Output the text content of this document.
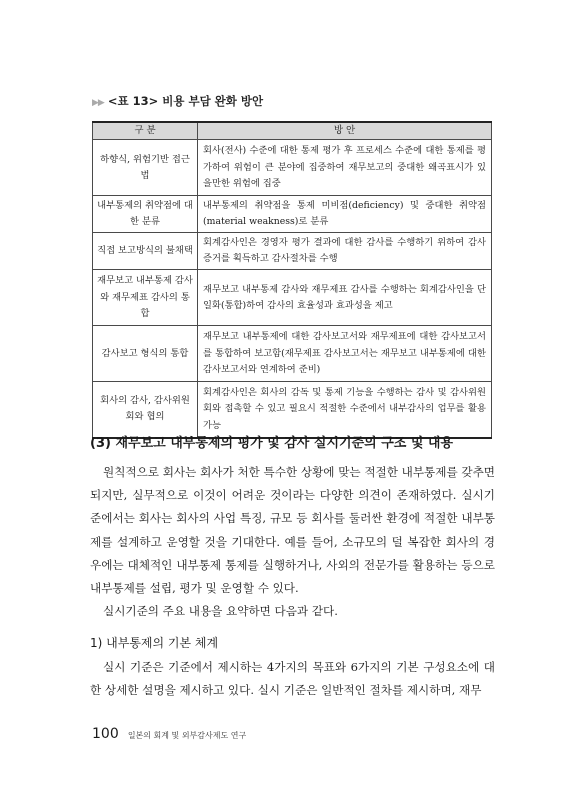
▶▶ <표 13> 비용 부담 완화 방안
구 분	방 안
하향식, 위험기반 접근법	회사(전사) 수준에 대한 통제 평가 후 프로세스 수준에 대한 통제를 평가하여 위험이 큰 분야에 집중하여 재무보고의 중대한 왜곡표시가 있을만한 위험에 집중
내부통제의 취약점에 대한 분류	내부통제의 취약점을 통제 미비점(deficiency) 및 중대한 취약점(material weakness)로 분류
직접 보고방식의 불채택	회계감사인은 경영자 평가 결과에 대한 감사를 수행하기 위하여 감사증거를 획득하고 감사절차를 수행
재무보고 내부통제 감사와 재무제표 감사의 통합	재무보고 내부통제 감사와 재무제표 감사를 수행하는 회계감사인을 단일화(통합)하여 감사의 효율성과 효과성을 제고
감사보고 형식의 통합	재무보고 내부통제에 대한 감사보고서와 재무제표에 대한 감사보고서를 통합하여 보고함(재무제표 감사보고서는 재무보고 내부통제에 대한 감사보고서와 연계하여 준비)
회사의 감사, 감사위원회와 협의	회계감사인은 회사의 감독 및 통제 기능을 수행하는 감사 및 감사위원회와 접촉할 수 있고 필요시 적절한 수준에서 내부감사의 업무를 활용 가능
(3) 재무보고 내부통제의 평가 및 감사 실시기준의 구조 및 내용
원칙적으로 회사는 회사가 처한 특수한 상황에 맞는 적절한 내부통제를 갖추면 되지만, 실무적으로 이것이 어려운 것이라는 다양한 의견이 존재하였다. 실시기준에서는 회사는 회사의 사업 특징, 규모 등 회사를 둘러싼 환경에 적절한 내부통제를 설계하고 운영할 것을 기대한다. 예를 들어, 소규모의 덜 복잡한 회사의 경우에는 대체적인 내부통제 통제를 실행하거나, 사외의 전문가를 활용하는 등으로 내부통제를 설립, 평가 및 운영할 수 있다.
실시기준의 주요 내용을 요약하면 다음과 같다.
1) 내부통제의 기본 체계
실시 기준은 기준에서 제시하는 4가지의 목표와 6가지의 기본 구성요소에 대한 상세한 설명을 제시하고 있다. 실시 기준은 일반적인 절차를 제시하며, 재무
100 일본의 회계 및 외부감사제도 연구
